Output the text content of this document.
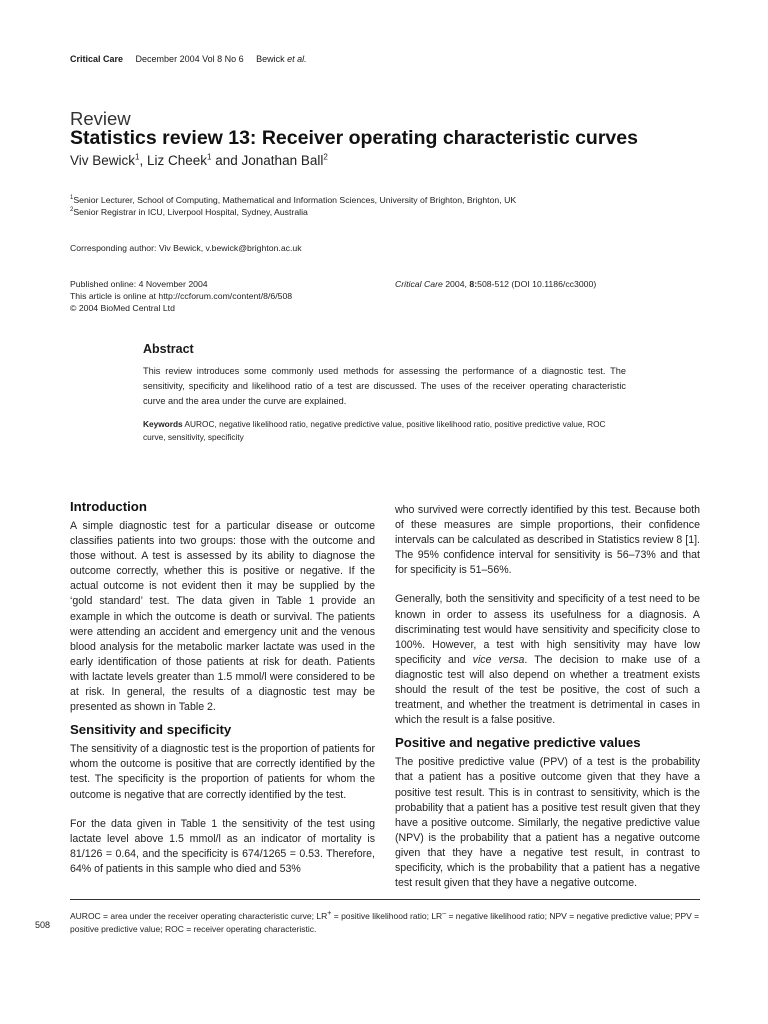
Critical Care December 2004 Vol 8 No 6 Bewick et al.
Review
Statistics review 13: Receiver operating characteristic curves
Viv Bewick$^1$, Liz Cheek$^1$ and Jonathan Ball$^2$
$^1$Senior Lecturer, School of Computing, Mathematical and Information Sciences, University of Brighton, Brighton, UK
$^2$Senior Registrar in ICU, Liverpool Hospital, Sydney, Australia
Corresponding author: Viv Bewick, v.bewick@brighton.ac.uk
Published online: 4 November 2004
This article is online at http://ccforum.com/content/8/6/508
© 2004 BioMed Central Ltd
Critical Care 2004, 8:508-512 (DOI 10.1186/cc3000)
Abstract
This review introduces some commonly used methods for assessing the performance of a diagnostic test. The sensitivity, specificity and likelihood ratio of a test are discussed. The uses of the receiver operating characteristic curve and the area under the curve are explained.
Keywords AUROC, negative likelihood ratio, negative predictive value, positive likelihood ratio, positive predictive value, ROC curve, sensitivity, specificity
Introduction

A simple diagnostic test for a particular disease or outcome classifies patients into two groups: those with the outcome and those without. A test is assessed by its ability to diagnose the outcome correctly, whether this is positive or negative. If the actual outcome is not evident then it may be supplied by the ‘gold standard’ test. The data given in Table 1 provide an example in which the outcome is death or survival. The patients were attending an accident and emergency unit and the venous blood analysis for the metabolic marker lactate was used in the early identification of those patients at risk for death. Patients with lactate levels greater than 1.5 mmol/l were considered to be at risk. In general, the results of a diagnostic test may be presented as shown in Table 2.

Sensitivity and specificity

The sensitivity of a diagnostic test is the proportion of patients for whom the outcome is positive that are correctly identified by the test. The specificity is the proportion of patients for whom the outcome is negative that are correctly identified by the test.

For the data given in Table 1 the sensitivity of the test using lactate level above 1.5 mmol/l as an indicator of mortality is 81/126 = 0.64, and the specificity is 674/1265 = 0.53. Therefore, 64% of patients in this sample who died and 53%

who survived were correctly identified by this test. Because both of these measures are simple proportions, their confidence intervals can be calculated as described in Statistics review 8 [1]. The 95% confidence interval for sensitivity is 56–73% and that for specificity is 51–56%.

Generally, both the sensitivity and specificity of a test need to be known in order to assess its usefulness for a diagnosis. A discriminating test would have sensitivity and specificity close to 100%. However, a test with high sensitivity may have low specificity and vice versa. The decision to make use of a diagnostic test will also depend on whether a treatment exists should the result of the test be positive, the cost of such a treatment, and whether the treatment is detrimental in cases in which the result is a false positive.

Positive and negative predictive values

The positive predictive value (PPV) of a test is the probability that a patient has a positive outcome given that they have a positive test result. This is in contrast to sensitivity, which is the probability that a patient has a positive test result given that they have a positive outcome. Similarly, the negative predictive value (NPV) is the probability that a patient has a negative outcome given that they have a negative test result, in contrast to specificity, which is the probability that a patient has a negative test result given that they have a negative outcome.

AUROC = area under the receiver operating characteristic curve; LR+ = positive likelihood ratio; LR– = negative likelihood ratio; NPV = negative predictive value; PPV = positive predictive value; ROC = receiver operating characteristic.
508
